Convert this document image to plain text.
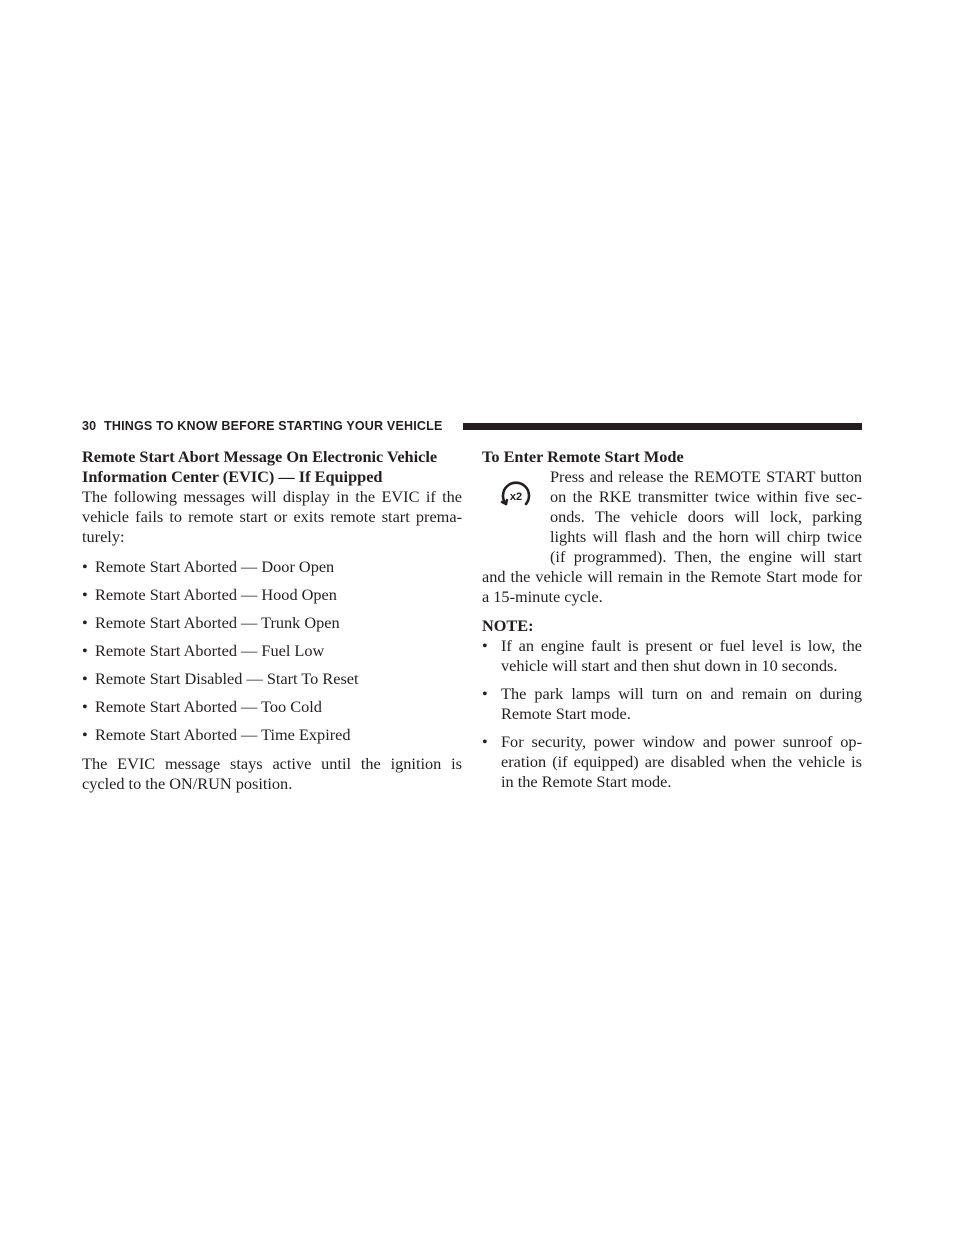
30 THINGS TO KNOW BEFORE STARTING YOUR VEHICLE
Remote Start Abort Message On Electronic Vehicle Information Center (EVIC) — If Equipped

The following messages will display in the EVIC if the vehicle fails to remote start or exits remote start prema- turely:

• Remote Start Aborted — Door Open
• Remote Start Aborted — Hood Open
• Remote Start Aborted — Trunk Open
• Remote Start Aborted — Fuel Low
• Remote Start Disabled — Start To Reset
• Remote Start Aborted — Too Cold
• Remote Start Aborted — Time Expired

The EVIC message stays active until the ignition is cycled to the ON/RUN position.

To Enter Remote Start Mode
x2

Press and release the REMOTE START button on the RKE transmitter twice within five sec- onds. The vehicle doors will lock, parking lights will flash and the horn will chirp twice (if programmed). Then, the engine will start and the vehicle will remain in the Remote Start mode for a 15-minute cycle.

NOTE:
• If an engine fault is present or fuel level is low, the vehicle will start and then shut down in 10 seconds.
• The park lamps will turn on and remain on during Remote Start mode.
• For security, power window and power sunroof op- eration (if equipped) are disabled when the vehicle is in the Remote Start mode.
